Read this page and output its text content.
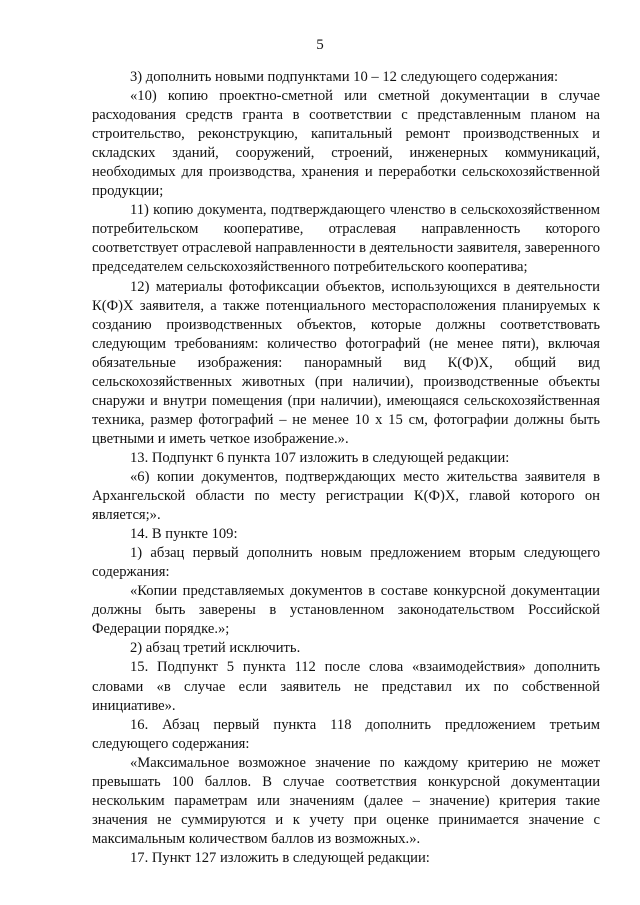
5

3) дополнить новыми подпунктами 10 – 12 следующего содержания:

«10) копию проектно-сметной или сметной документации в случае расходования средств гранта в соответствии с представленным планом на строительство, реконструкцию, капитальный ремонт производственных и складских зданий, сооружений, строений, инженерных коммуникаций, необходимых для производства, хранения и переработки сельскохозяйственной продукции;

11) копию документа, подтверждающего членство в сельскохозяйственном потребительском кооперативе, отраслевая направленность которого соответствует отраслевой направленности в деятельности заявителя, заверенного председателем сельскохозяйственного потребительского кооператива;

12) материалы фотофиксации объектов, использующихся в деятельности К(Ф)Х заявителя, а также потенциального месторасположения планируемых к созданию производственных объектов, которые должны соответствовать следующим требованиям: количество фотографий (не менее пяти), включая обязательные изображения: панорамный вид К(Ф)Х, общий вид сельскохозяйственных животных (при наличии), производственные объекты снаружи и внутри помещения (при наличии), имеющаяся сельскохозяйственная техника, размер фотографий – не менее 10 х 15 см, фотографии должны быть цветными и иметь четкое изображение.».

13. Подпункт 6 пункта 107 изложить в следующей редакции:

«6) копии документов, подтверждающих место жительства заявителя в Архангельской области по месту регистрации К(Ф)Х, главой которого он является;».

14. В пункте 109:

1) абзац первый дополнить новым предложением вторым следующего содержания:

«Копии представляемых документов в составе конкурсной документации должны быть заверены в установленном законодательством Российской Федерации порядке.»;

2) абзац третий исключить.

15. Подпункт 5 пункта 112 после слова «взаимодействия» дополнить словами «в случае если заявитель не представил их по собственной инициативе».

16. Абзац первый пункта 118 дополнить предложением третьим следующего содержания:

«Максимальное возможное значение по каждому критерию не может превышать 100 баллов. В случае соответствия конкурсной документации нескольким параметрам или значениям (далее – значение) критерия такие значения не суммируются и к учету при оценке принимается значение с максимальным количеством баллов из возможных.».

17. Пункт 127 изложить в следующей редакции:
